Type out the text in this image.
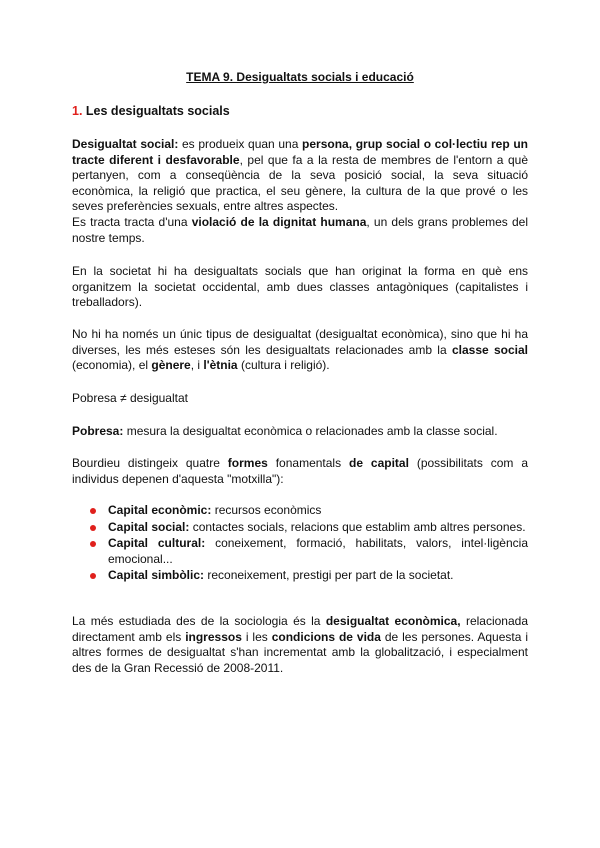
TEMA 9. Desigualtats socials i educació
1. Les desigualtats socials
Desigualtat social: es produeix quan una persona, grup social o col·lectiu rep un tracte diferent i desfavorable, pel que fa a la resta de membres de l'entorn a què pertanyen, com a conseqüència de la seva posició social, la seva situació econòmica, la religió que practica, el seu gènere, la cultura de la que prové o les seves preferències sexuals, entre altres aspectes.
Es tracta tracta d'una violació de la dignitat humana, un dels grans problemes del nostre temps.
En la societat hi ha desigualtats socials que han originat la forma en què ens organitzem la societat occidental, amb dues classes antagòniques (capitalistes i treballadors).
No hi ha només un únic tipus de desigualtat (desigualtat econòmica), sino que hi ha diverses, les més esteses són les desigualtats relacionades amb la classe social (economia), el gènere, i l'ètnia (cultura i religió).
Pobresa ≠ desigualtat
Pobresa: mesura la desigualtat econòmica o relacionades amb la classe social.
Bourdieu distingeix quatre formes fonamentals de capital (possibilitats com a individus depenen d'aquesta "motxilla"):
Capital econòmic: recursos econòmics
Capital social: contactes socials, relacions que establim amb altres persones.
Capital cultural: coneixement, formació, habilitats, valors, intel·ligència emocional...
Capital simbòlic: reconeixement, prestigi per part de la societat.
La més estudiada des de la sociologia és la desigualtat econòmica, relacionada directament amb els ingressos i les condicions de vida de les persones. Aquesta i altres formes de desigualtat s'han incrementat amb la globalització, i especialment des de la Gran Recessió de 2008-2011.
